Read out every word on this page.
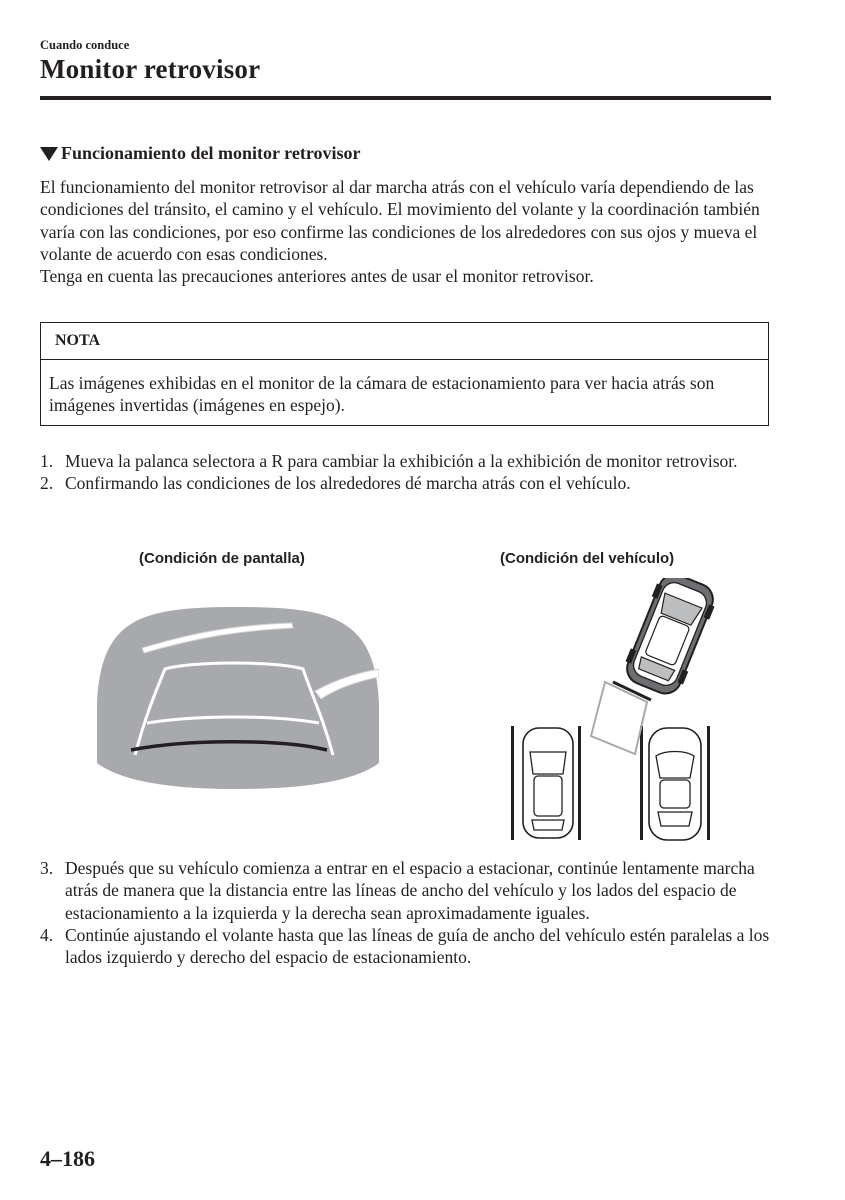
Cuando conduce
Monitor retrovisor
Funcionamiento del monitor retrovisor

El funcionamiento del monitor retrovisor al dar marcha atrás con el vehículo varía dependiendo de las condiciones del tránsito, el camino y el vehículo. El movimiento del volante y la coordinación también varía con las condiciones, por eso confirme las condiciones de los alrededores con sus ojos y mueva el volante de acuerdo con esas condiciones.

Tenga en cuenta las precauciones anteriores antes de usar el monitor retrovisor.

NOTA
Las imágenes exhibidas en el monitor de la cámara de estacionamiento para ver hacia atrás son imágenes invertidas (imágenes en espejo).
1. Mueva la palanca selectora a R para cambiar la exhibición a la exhibición de monitor retrovisor.
2. Confirmando las condiciones de los alrededores dé marcha atrás con el vehículo.
(Condición de pantalla)	(Condición del vehículo)
Compruebe los alrededores por seguridad
3. Después que su vehículo comienza a entrar en el espacio a estacionar, continúe lentamente marcha atrás de manera que la distancia entre las líneas de ancho del vehículo y los lados del espacio de estacionamiento a la izquierda y la derecha sean aproximadamente iguales.
4. Continúe ajustando el volante hasta que las líneas de guía de ancho del vehículo estén paralelas a los lados izquierdo y derecho del espacio de estacionamiento.
4–186
